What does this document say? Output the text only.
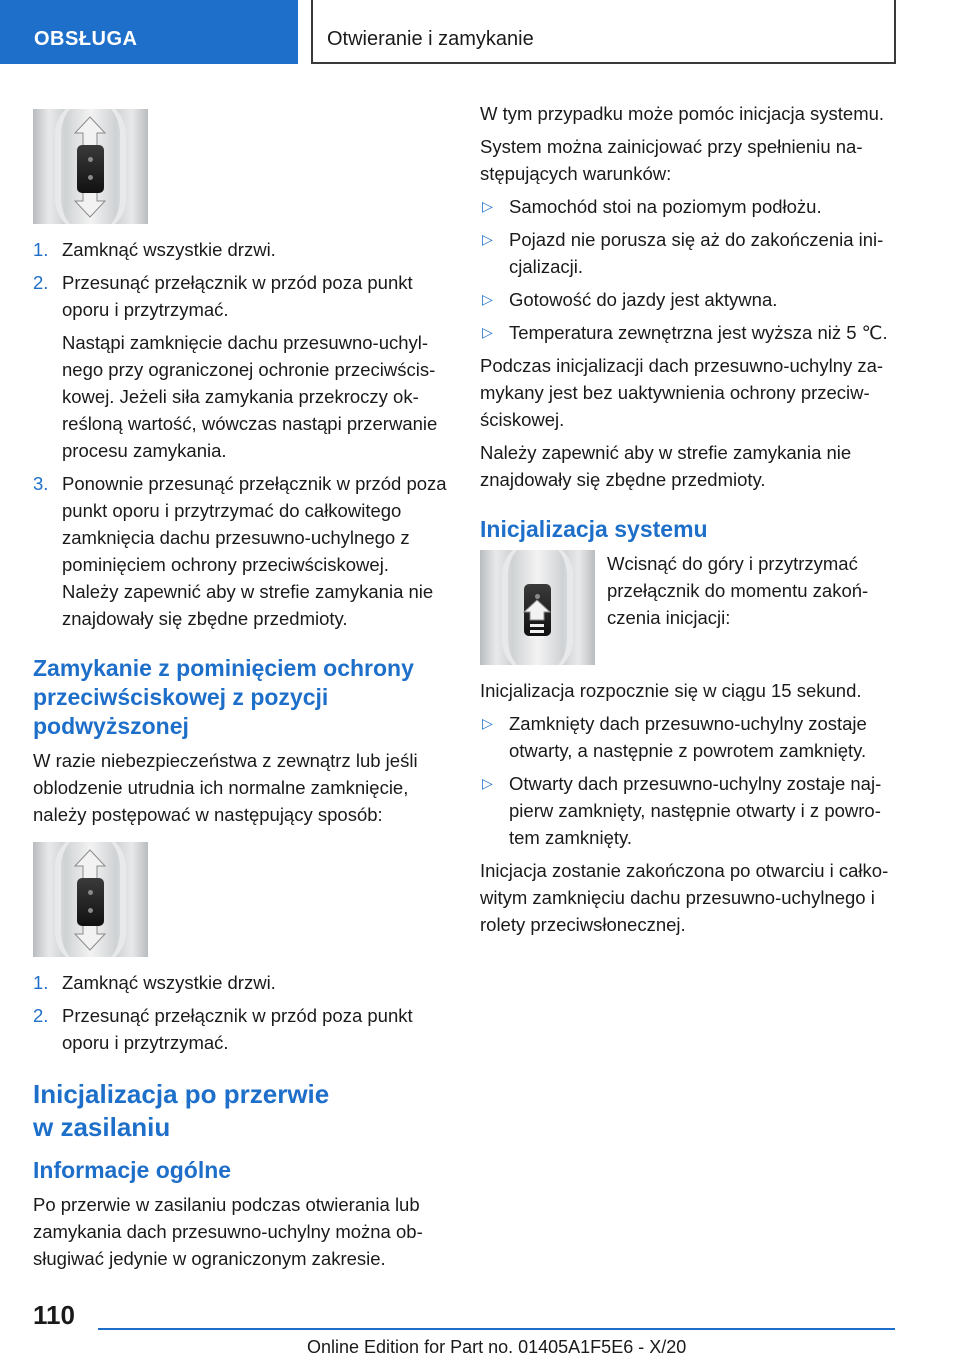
OBSŁUGA	Otwieranie i zamykanie
1. Zamknąć wszystkie drzwi.
2. Przesunąć przełącznik w przód poza punkt oporu i przytrzymać.
Nastąpi zamknięcie dachu przesuwno-uchylnego przy ograniczonej ochronie przeciwściskowej. Jeżeli siła zamykania przekroczy określoną wartość, wówczas nastąpi przerwanie procesu zamykania.
3. Ponownie przesunąć przełącznik w przód poza punkt oporu i przytrzymać do całkowitego zamknięcia dachu przesuwno-uchylnego z pominięciem ochrony przeciwściskowej. Należy zapewnić aby w strefie zamykania nie znajdowały się zbędne przedmioty.
Zamykanie z pominięciem ochrony przeciwściskowej z pozycji podwyższonej

W razie niebezpieczeństwa z zewnątrz lub jeśli oblodzenie utrudnia ich normalne zamknięcie, należy postępować w następujący sposób:

1. Zamknąć wszystkie drzwi.
2. Przesunąć przełącznik w przód poza punkt oporu i przytrzymać.
Inicjalizacja po przerwie w zasilaniu
Informacje ogólne

Po przerwie w zasilaniu podczas otwierania lub zamykania dach przesuwno-uchylny można obsługiwać jedynie w ograniczonym zakresie.

W tym przypadku może pomóc inicjacja systemu.

System można zainicjować przy spełnieniu następujących warunków:

▷ Samochód stoi na poziomym podłożu.
▷ Pojazd nie porusza się aż do zakończenia inicjalizacji.
▷ Gotowość do jazdy jest aktywna.
▷ Temperatura zewnętrzna jest wyższa niż 5 ℃.

Podczas inicjalizacji dach przesuwno-uchylny zamykany jest bez uaktywnienia ochrony przeciwściskowej.

Należy zapewnić aby w strefie zamykania nie znajdowały się zbędne przedmioty.

Inicjalizacja systemu

Wcisnąć do góry i przytrzymać przełącznik do momentu zakończenia inicjacji:

Inicjalizacja rozpocznie się w ciągu 15 sekund.

▷ Zamknięty dach przesuwno-uchylny zostaje otwarty, a następnie z powrotem zamknięty.
▷ Otwarty dach przesuwno-uchylny zostaje najpierw zamknięty, następnie otwarty i z powrotem zamknięty.

Inicjacja zostanie zakończona po otwarciu i całkowitym zamknięciu dachu przesuwno-uchylnego i rolety przeciwsłonecznej.

110
Online Edition for Part no. 01405A1F5E6 - X/20
